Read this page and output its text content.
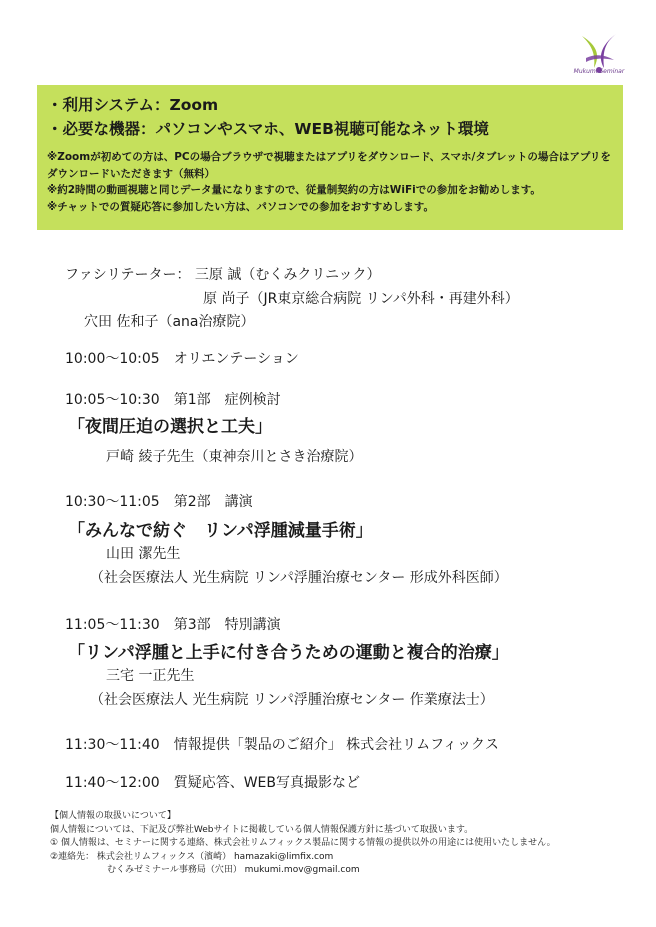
Mukumi Seminar
・利用システム：Zoom
・必要な機器：パソコンやスマホ、WEB視聴可能なネット環境
※Zoomが初めての方は、PCの場合ブラウザで視聴またはアプリをダウンロード、スマホ/タブレットの場合はアプリをダウンロードいただきます（無料）
※約2時間の動画視聴と同じデータ量になりますので、従量制契約の方はWiFiでの参加をお勧めします。
※チャットでの質疑応答に参加したい方は、パソコンでの参加をおすすめします。
ファシリテーター： 三原 誠（むくみクリニック）
原 尚子（JR東京総合病院 リンパ外科・再建外科）
穴田 佐和子（ana治療院）
10:00〜10:05 オリエンテーション
10:05〜10:30 第1部 症例検討
「夜間圧迫の選択と工夫」
戸崎 綾子先生（東神奈川とさき治療院）
10:30〜11:05 第2部 講演
「みんなで紡ぐ　リンパ浮腫減量手術」
山田 潔先生
（社会医療法人 光生病院 リンパ浮腫治療センター 形成外科医師）
11:05〜11:30 第3部 特別講演
「リンパ浮腫と上手に付き合うための運動と複合的治療」
三宅 一正先生
（社会医療法人 光生病院 リンパ浮腫治療センター 作業療法士）
11:30〜11:40 情報提供「製品のご紹介」 株式会社リムフィックス
11:40〜12:00 質疑応答、WEB写真撮影など
【個人情報の取扱いについて】
個人情報については、下記及び弊社Webサイトに掲載している個人情報保護方針に基づいて取扱います。
① 個人情報は、セミナーに関する連絡、株式会社リムフィックス製品に関する情報の提供以外の用途には使用いたしません。
②連絡先： 株式会社リムフィックス（濱崎） hamazaki@limfix.com
むくみゼミナール事務局（穴田） mukumi.mov@gmail.com
